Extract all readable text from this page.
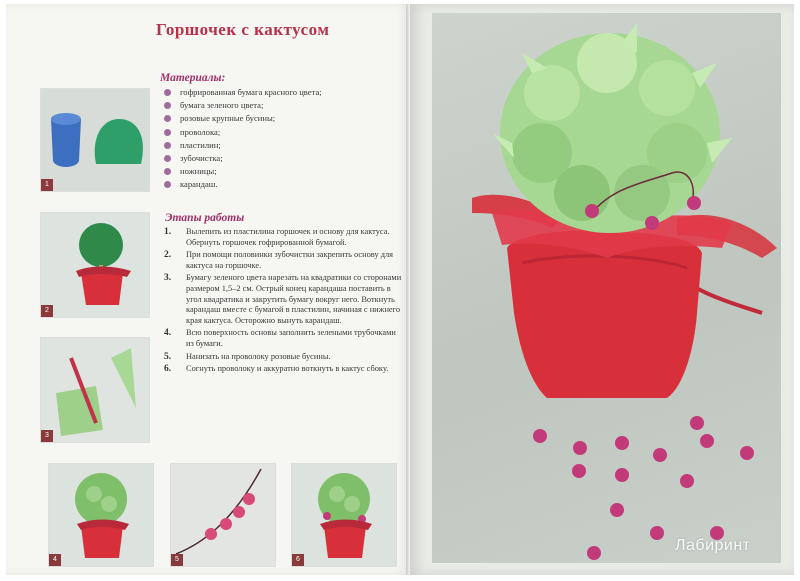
Горшочек с кактусом
Материалы:
гофрированная бумага красного цвета;
бумага зеленого цвета;
розовые крупные бусины;
проволока;
пластилин;
зубочистка;
ножницы;
карандаш.
Этапы работы
1. Вылепить из пластилина горшочек и основу для кактуса. Обернуть горшочек гофрированной бумагой.
2. При помощи половинки зубочистки закрепить основу для кактуса на горшочке.
3. Бумагу зеленого цвета нарезать на квадратики со сторонами размером 1,5–2 см. Острый конец карандаша поставить в угол квадратика и закрутить бумагу вокруг него. Воткнуть карандаш вместе с бумагой в пластилин, начиная с нижнего края кактуса. Осторожно вынуть карандаш.
4. Всю поверхность основы заполнить зелеными трубочками из бумаги.
5. Нанизать на проволоку розовые бусины.
6. Согнуть проволоку и аккуратно воткнуть в кактус сбоку.
1
2
3
4	5	6
Лабиринт
